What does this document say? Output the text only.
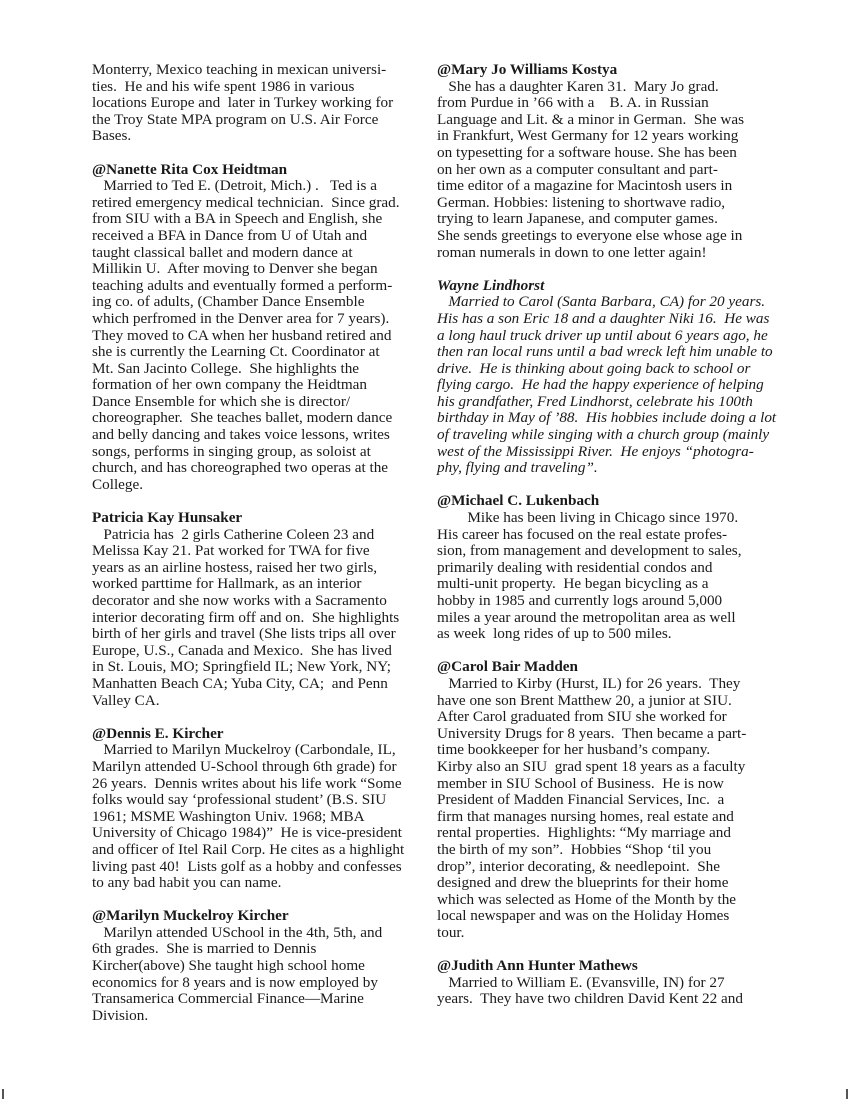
Monterry, Mexico teaching in mexican universi-
ties.  He and his wife spent 1986 in various
locations Europe and  later in Turkey working for
the Troy State MPA program on U.S. Air Force
Bases.
@Nanette Rita Cox Heidtman
Married to Ted E. (Detroit, Mich.) .   Ted is a
retired emergency medical technician.  Since grad.
from SIU with a BA in Speech and English, she
received a BFA in Dance from U of Utah and
taught classical ballet and modern dance at
Millikin U.  After moving to Denver she began
teaching adults and eventually formed a perform-
ing co. of adults, (Chamber Dance Ensemble
which perfromed in the Denver area for 7 years).
They moved to CA when her husband retired and
she is currently the Learning Ct. Coordinator at
Mt. San Jacinto College.  She highlights the
formation of her own company the Heidtman
Dance Ensemble for which she is director/
choreographer.  She teaches ballet, modern dance
and belly dancing and takes voice lessons, writes
songs, performs in singing group, as soloist at
church, and has choreographed two operas at the
College.
Patricia Kay Hunsaker
Patricia has  2 girls Catherine Coleen 23 and
Melissa Kay 21. Pat worked for TWA for five
years as an airline hostess, raised her two girls,
worked parttime for Hallmark, as an interior
decorator and she now works with a Sacramento
interior decorating firm off and on.  She highlights
birth of her girls and travel (She lists trips all over
Europe, U.S., Canada and Mexico.  She has lived
in St. Louis, MO; Springfield IL; New York, NY;
Manhatten Beach CA; Yuba City, CA;  and Penn
Valley CA.
@Dennis E. Kircher
Married to Marilyn Muckelroy (Carbondale, IL,
Marilyn attended U-School through 6th grade) for
26 years.  Dennis writes about his life work “Some
folks would say ‘professional student’ (B.S. SIU
1961; MSME Washington Univ. 1968; MBA
University of Chicago 1984)”  He is vice-president
and officer of Itel Rail Corp. He cites as a highlight
living past 40!  Lists golf as a hobby and confesses
to any bad habit you can name.
@Marilyn Muckelroy Kircher
Marilyn attended USchool in the 4th, 5th, and
6th grades.  She is married to Dennis
Kircher(above) She taught high school home
economics for 8 years and is now employed by
Transamerica Commercial Finance—Marine
Division.
@Mary Jo Williams Kostya
She has a daughter Karen 31.  Mary Jo grad.
from Purdue in ’66 with a    B. A. in Russian
Language and Lit. & a minor in German.  She was
in Frankfurt, West Germany for 12 years working
on typesetting for a software house. She has been
on her own as a computer consultant and part-
time editor of a magazine for Macintosh users in
German. Hobbies: listening to shortwave radio,
trying to learn Japanese, and computer games.
She sends greetings to everyone else whose age in
roman numerals in down to one letter again!
Wayne Lindhorst
Married to Carol (Santa Barbara, CA) for 20 years.
His has a son Eric 18 and a daughter Niki 16.  He was
a long haul truck driver up until about 6 years ago, he
then ran local runs until a bad wreck left him unable to
drive.  He is thinking about going back to school or
flying cargo.  He had the happy experience of helping
his grandfather, Fred Lindhorst, celebrate his 100th
birthday in May of ’88.  His hobbies include doing a lot
of traveling while singing with a church group (mainly
west of the Mississippi River.  He enjoys “photogra-
phy, flying and traveling”.
@Michael C. Lukenbach
Mike has been living in Chicago since 1970.
His career has focused on the real estate profes-
sion, from management and development to sales,
primarily dealing with residential condos and
multi-unit property.  He began bicycling as a
hobby in 1985 and currently logs around 5,000
miles a year around the metropolitan area as well
as week  long rides of up to 500 miles.
@Carol Bair Madden
Married to Kirby (Hurst, IL) for 26 years.  They
have one son Brent Matthew 20, a junior at SIU.
After Carol graduated from SIU she worked for
University Drugs for 8 years.  Then became a part-
time bookkeeper for her husband’s company.
Kirby also an SIU  grad spent 18 years as a faculty
member in SIU School of Business.  He is now
President of Madden Financial Services, Inc.  a
firm that manages nursing homes, real estate and
rental properties.  Highlights: “My marriage and
the birth of my son”.  Hobbies “Shop ‘til you
drop”, interior decorating, & needlepoint.  She
designed and drew the blueprints for their home
which was selected as Home of the Month by the
local newspaper and was on the Holiday Homes
tour.
@Judith Ann Hunter Mathews
Married to William E. (Evansville, IN) for 27
years.  They have two children David Kent 22 and
